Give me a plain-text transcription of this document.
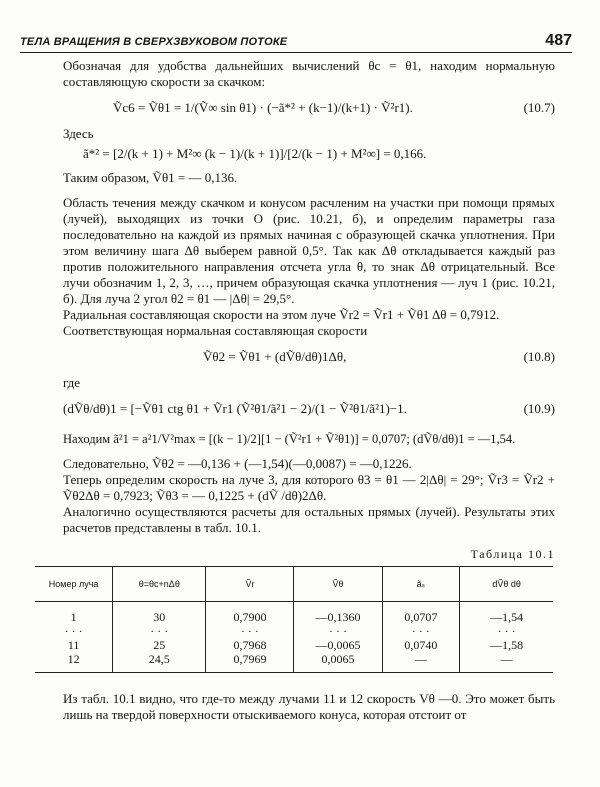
ТЕЛА ВРАЩЕНИЯ В СВЕРХЗВУКОВОМ ПОТОКЕ	487

Обозначая для удобства дальнейших вычислений θc = θ1, находим нормальную составляющую скорости за скачком:

Ṽc6 = Ṽθ1 = 1/(Ṽ∞ sin θ1) · (−ã*² + (k−1)/(k+1) · Ṽ²r1).	(10.7)

Здесь

ã*² = [2/(k + 1) + M²∞ (k − 1)/(k + 1)]/[2/(k − 1) + M²∞] = 0,166.
Таким образом, Ṽθ1 = — 0,136.

Область течения между скачком и конусом расчленим на участки при помощи прямых (лучей), выходящих из точки O (рис. 10.21, б), и определим параметры газа последовательно на каждой из прямых начиная с образующей скачка уплотнения. При этом величину шага Δθ выберем равной 0,5°. Так как Δθ откладывается каждый раз против положительного направления отсчета угла θ, то знак Δθ отрицательный. Все лучи обозначим 1, 2, 3, …, причем образующая скачка уплотнения — луч 1 (рис. 10.21, б). Для луча 2 угол θ2 = θ1 — |Δθ| = 29,5°.

Радиальная составляющая скорости на этом луче Ṽr2 = Ṽr1 + Ṽθ1 Δθ = 0,7912.

Соответствующая нормальная составляющая скорости

Ṽθ2 = Ṽθ1 + (dṼθ/dθ)1Δθ,	(10.8)

где

(dṼθ/dθ)1 = [−Ṽθ1 ctg θ1 + Ṽr1 (Ṽ²θ1/ã²1 − 2)/(1 − Ṽ²θ1/ã²1)−1.	(10.9)
Находим ã²1 = a²1/V²max = [(k − 1)/2][1 − (Ṽ²r1 + Ṽ²θ1)] = 0,0707; (dṼθ/dθ)1 = —1,54.

Следовательно, Ṽθ2 = —0,136 + (—1,54)(—0,0087) = —0,1226.

Теперь определим скорость на луче 3, для которого θ3 = θ1 — 2|Δθ| = 29°; Ṽr3 = Ṽr2 + Ṽθ2Δθ = 0,7923; Ṽθ3 = — 0,1225 + (dṼ /dθ)2Δθ.

Аналогично осуществляются расчеты для остальных прямых (лучей). Результаты этих расчетов представлены в табл. 10.1.

Таблица 10.1

Номер луча	θ=θc+nΔθ	Ṽr	Ṽθ	ãₛ	dṼθ dθ
1	30	0,7900	—0,1360	0,0707	—1,54
· · ·	· · ·	· · ·	· · ·	· · ·	· · ·
11	25	0,7968	—0,0065	0,0740	—1,58
12	24,5	0,7969	0,0065	—	—

Из табл. 10.1 видно, что где-то между лучами 11 и 12 скорость Vθ —0. Это может быть лишь на твердой поверхности отыскиваемого конуса, которая отстоит от
